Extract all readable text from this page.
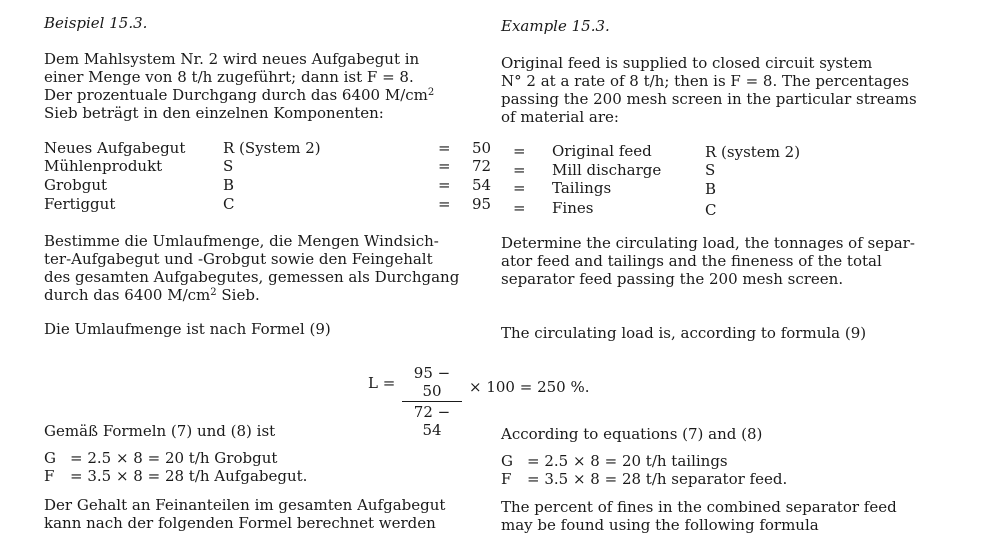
Beispiel 15.3.	Example 15.3.
Dem Mahlsystem Nr. 2 wird neues Aufgabegut in
einer Menge von 8 t/h zugeführt; dann ist F = 8.
Der prozentuale Durchgang durch das 6400 $M/cm^2$
Sieb beträgt in den einzelnen Komponenten:
Original feed is supplied to closed circuit system
N° 2 at a rate of 8 t/h; then is F = 8. The percentages
passing the 200 mesh screen in the particular streams
of material are:
Neues Aufgabegut	R (System 2)	= 50 = Original feed	R (system 2)
Mühlenprodukt	S	= 72 = Mill discharge	S
Grobgut	B	= 54 = Tailings	B
Fertiggut	C	= 95 = Fines	C
Bestimme die Umlaufmenge, die Mengen Windsich-
ter-Aufgabegut und -Grobgut sowie den Feingehalt
des gesamten Aufgabegutes, gemessen als Durchgang
durch das 6400 $M/cm^2$ Sieb.
Determine the circulating load, the tonnages of separ-
ator feed and tailings and the fineness of the total
separator feed passing the 200 mesh screen.
Die Umlaufmenge ist nach Formel (9)	The circulating load is, according to formula (9)
L =
95 − 50
72 − 54
× 100 = 250 %.
Gemäß Formeln (7) und (8) ist	According to equations (7) and (8)
G = 2.5 × 8 = 20 t/h Grobgut
F = 3.5 × 8 = 28 t/h Aufgabegut.
G = 2.5 × 8 = 20 t/h tailings
F = 3.5 × 8 = 28 t/h separator feed.
Der Gehalt an Feinanteilen im gesamten Aufgabegut
kann nach der folgenden Formel berechnet werden
The percent of fines in the combined separator feed
may be found using the following formula
